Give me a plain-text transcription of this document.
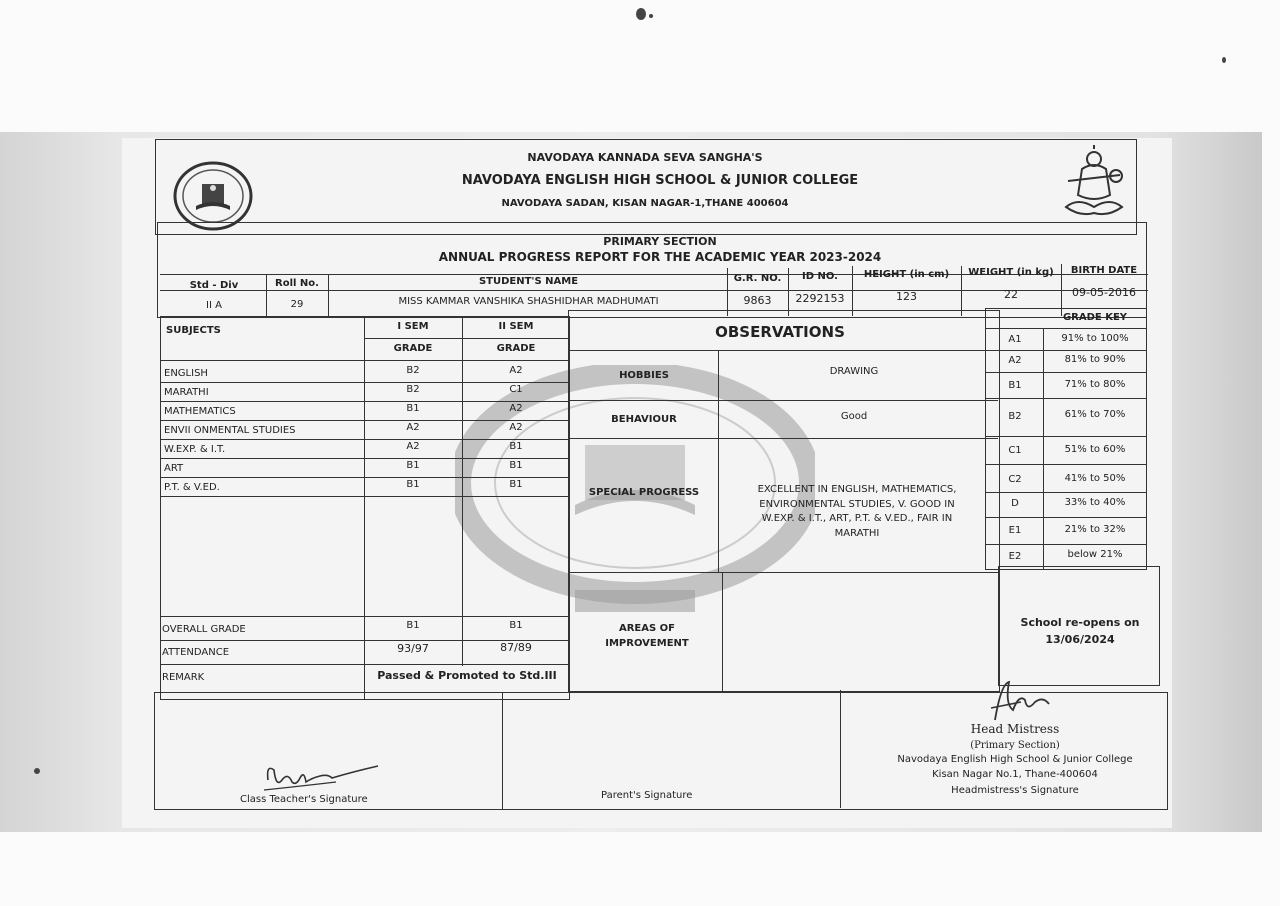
NAVODAYA KANNADA SEVA SANGHA'S
NAVODAYA ENGLISH HIGH SCHOOL & JUNIOR COLLEGE
NAVODAYA SADAN, KISAN NAGAR-1,THANE 400604
PRIMARY SECTION
ANNUAL PROGRESS REPORT FOR THE ACADEMIC YEAR 2023-2024
Std - Div	Roll No.	STUDENT'S NAME	G.R. NO.	ID NO.	HEIGHT (in cm)	WEIGHT (in kg)	BIRTH DATE
II A	29	MISS KAMMAR VANSHIKA SHASHIDHAR MADHUMATI	9863	2292153	123	22	09-05-2016
SUBJECTS	I SEM	II SEM
GRADE	GRADE
ENGLISH	B2	A2
MARATHI	B2	C1
MATHEMATICS	B1	A2
ENVII ONMENTAL STUDIES	A2	A2
W.EXP. & I.T.	A2	B1
ART	B1	B1
P.T. & V.ED.	B1	B1
OVERALL GRADE	B1	B1
ATTENDANCE	93/97	87/89
REMARK	Passed & Promoted to Std.III
OBSERVATIONS
HOBBIES	DRAWING
BEHAVIOUR	Good
SPECIAL PROGRESS	EXCELLENT IN ENGLISH, MATHEMATICS,
ENVIRONMENTAL STUDIES, V. GOOD IN
W.EXP. & I.T., ART, P.T. & V.ED., FAIR IN
MARATHI
AREAS OF
IMPROVEMENT
GRADE KEY
A1	91% to 100%
A2	81% to 90%
B1	71% to 80%
B2	61% to 70%
C1	51% to 60%
C2	41% to 50%
D	33% to 40%
E1	21% to 32%
E2	below 21%
School re-opens on
13/06/2024
Class Teacher's Signature	Parent's Signature
Head Mistress
(Primary Section)
Navodaya English High School & Junior College
Kisan Nagar No.1, Thane-400604
Headmistress's Signature
